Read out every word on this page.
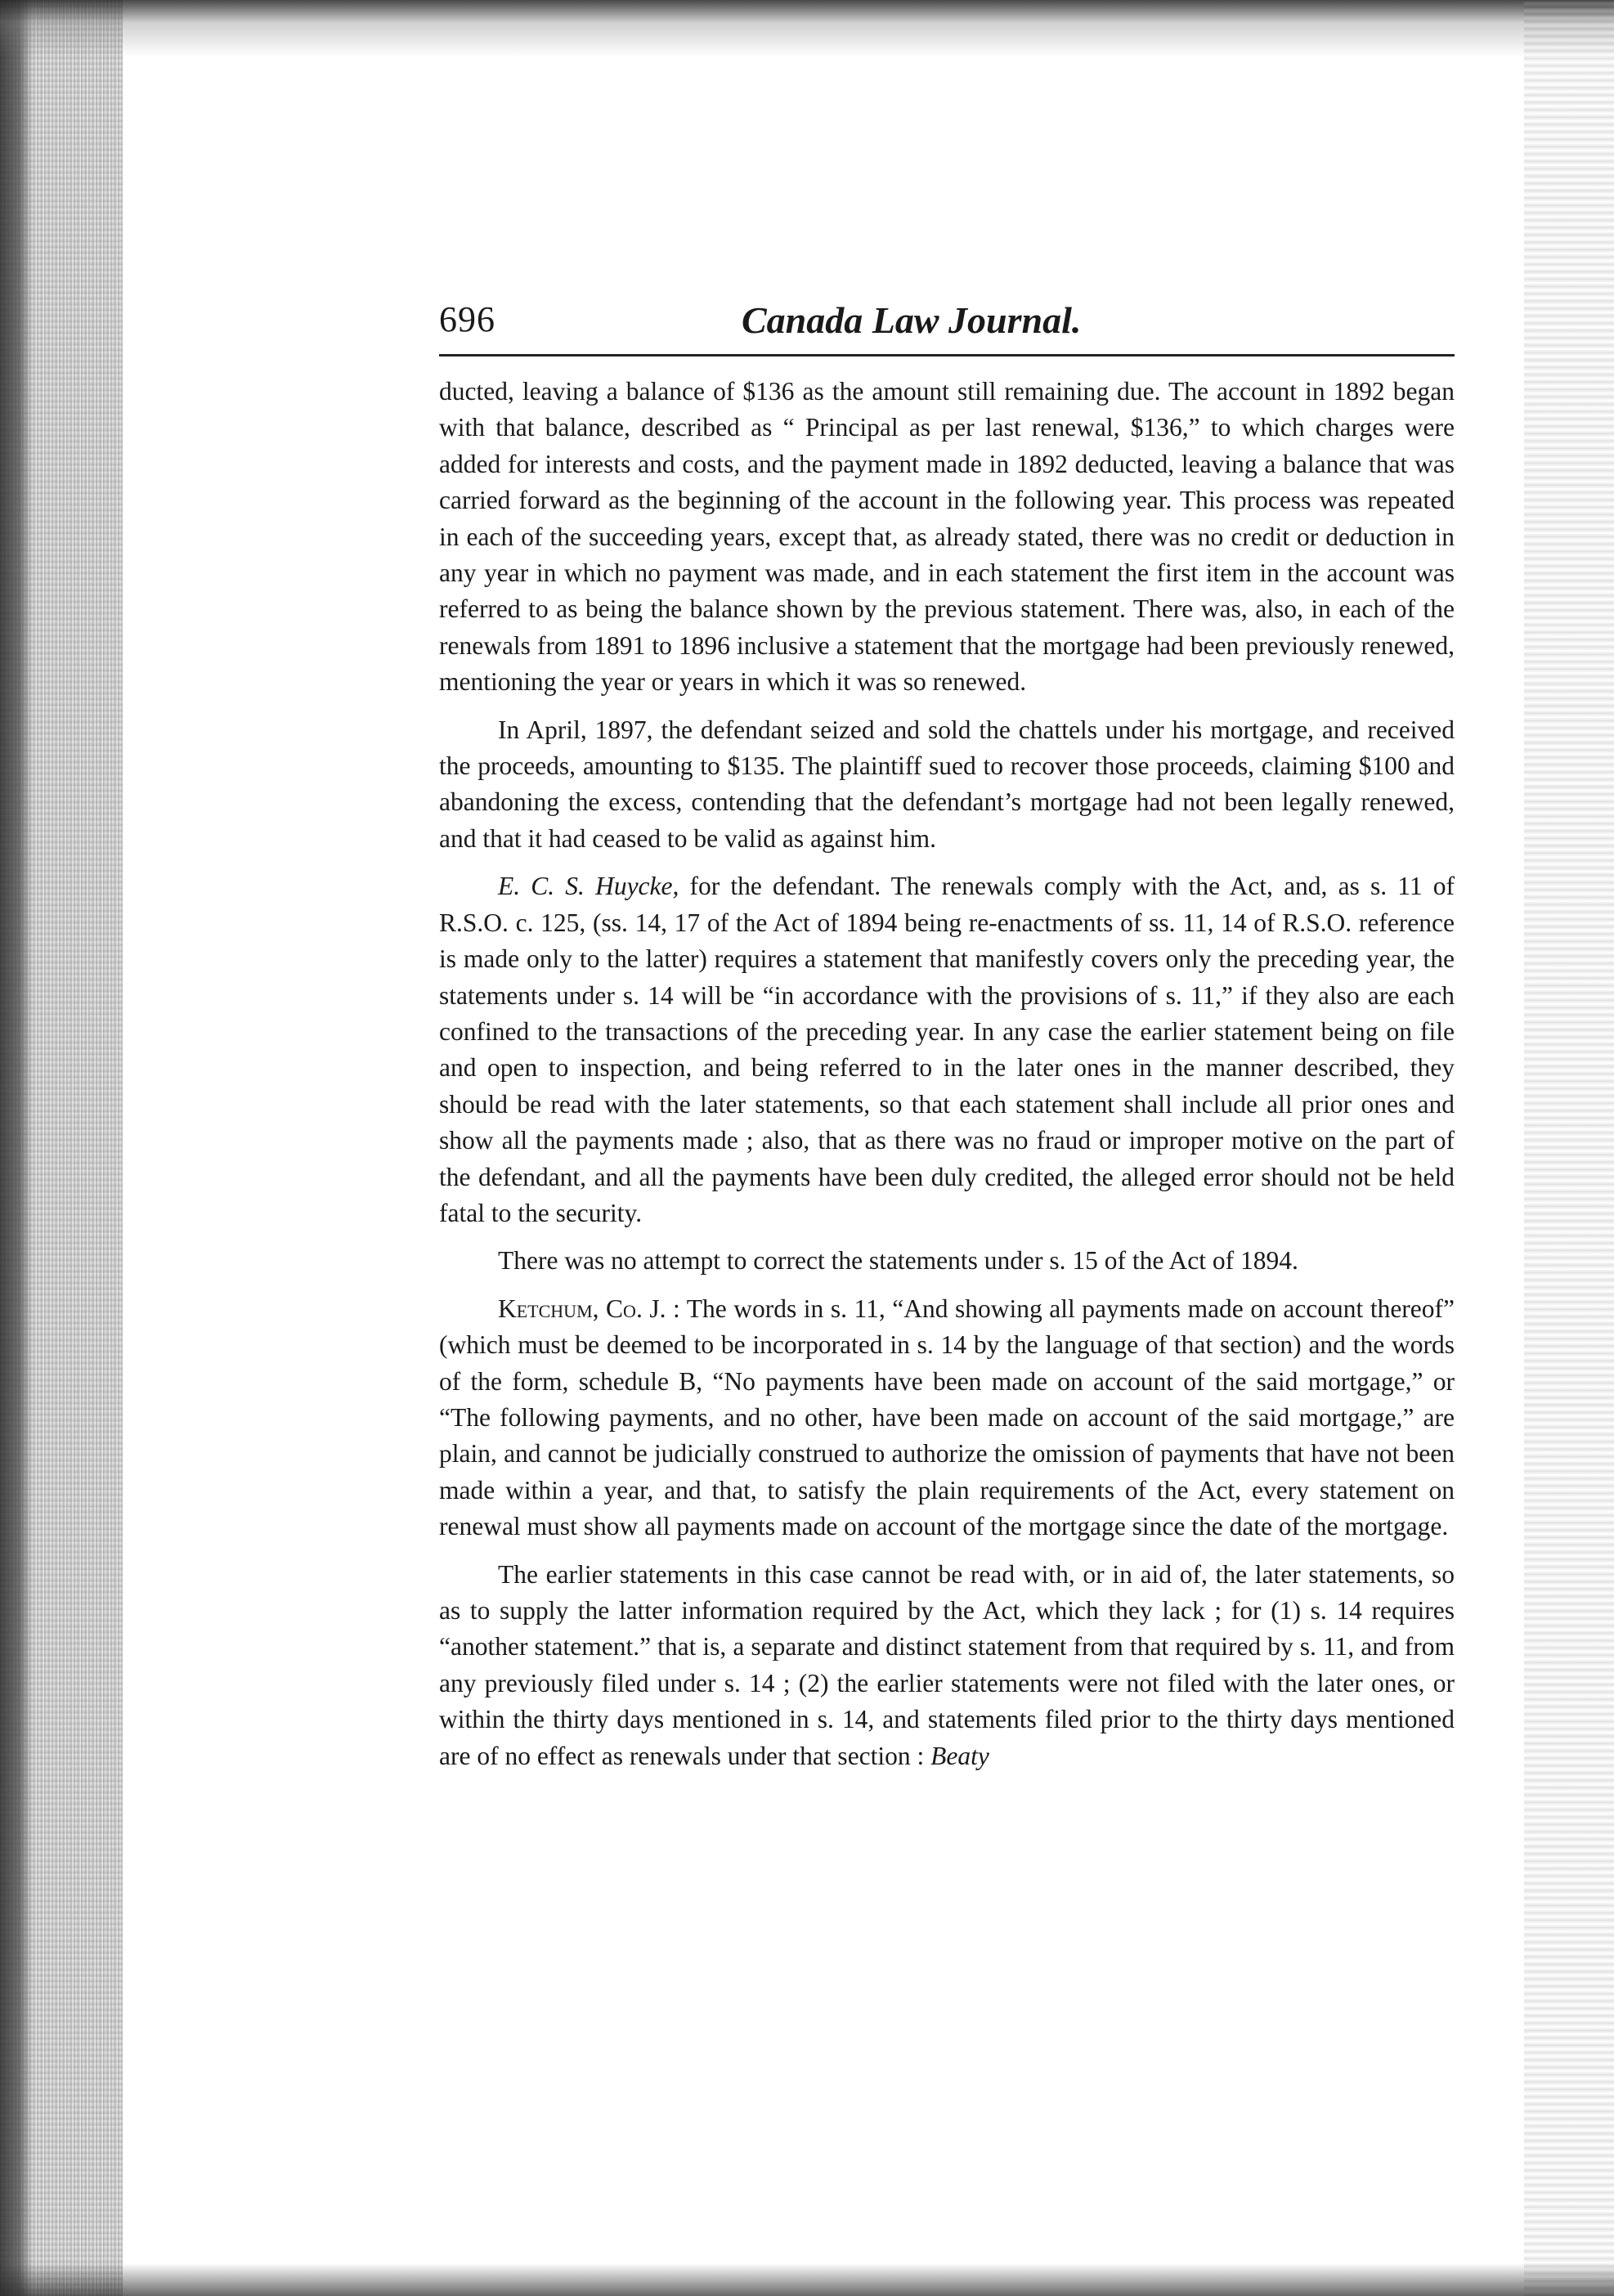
696	Canada Law Journal.

ducted, leaving a balance of $136 as the amount still remaining due. The account in 1892 began with that balance, described as “ Principal as per last renewal, $136,” to which charges were added for interests and costs, and the payment made in 1892 deducted, leaving a balance that was carried forward as the beginning of the account in the following year. This process was repeated in each of the succeeding years, except that, as already stated, there was no credit or deduction in any year in which no payment was made, and in each statement the first item in the account was referred to as being the balance shown by the previous statement. There was, also, in each of the renewals from 1891 to 1896 inclusive a statement that the mortgage had been previously renewed, mentioning the year or years in which it was so renewed.

In April, 1897, the defendant seized and sold the chattels under his mortgage, and received the proceeds, amounting to $135. The plaintiff sued to recover those proceeds, claiming $100 and abandoning the excess, contending that the defendant’s mortgage had not been legally renewed, and that it had ceased to be valid as against him.

E. C. S. Huycke, for the defendant. The renewals comply with the Act, and, as s. 11 of R.S.O. c. 125, (ss. 14, 17 of the Act of 1894 being re-enactments of ss. 11, 14 of R.S.O. reference is made only to the latter) requires a statement that manifestly covers only the preceding year, the statements under s. 14 will be “in accordance with the provisions of s. 11,” if they also are each confined to the transactions of the preceding year. In any case the earlier statement being on file and open to inspection, and being referred to in the later ones in the manner described, they should be read with the later statements, so that each statement shall include all prior ones and show all the payments made ; also, that as there was no fraud or improper motive on the part of the defendant, and all the payments have been duly credited, the alleged error should not be held fatal to the security.

There was no attempt to correct the statements under s. 15 of the Act of 1894.

Ketchum, Co. J. : The words in s. 11, “And showing all payments made on account thereof” (which must be deemed to be incorporated in s. 14 by the language of that section) and the words of the form, schedule B, “No payments have been made on account of the said mortgage,” or “The following payments, and no other, have been made on account of the said mortgage,” are plain, and cannot be judicially construed to authorize the omission of payments that have not been made within a year, and that, to satisfy the plain requirements of the Act, every statement on renewal must show all payments made on account of the mortgage since the date of the mortgage.

The earlier statements in this case cannot be read with, or in aid of, the later statements, so as to supply the latter information required by the Act, which they lack ; for (1) s. 14 requires “another statement.” that is, a separate and distinct statement from that required by s. 11, and from any previously filed under s. 14 ; (2) the earlier statements were not filed with the later ones, or within the thirty days mentioned in s. 14, and statements filed prior to the thirty days mentioned are of no effect as renewals under that section : Beaty
